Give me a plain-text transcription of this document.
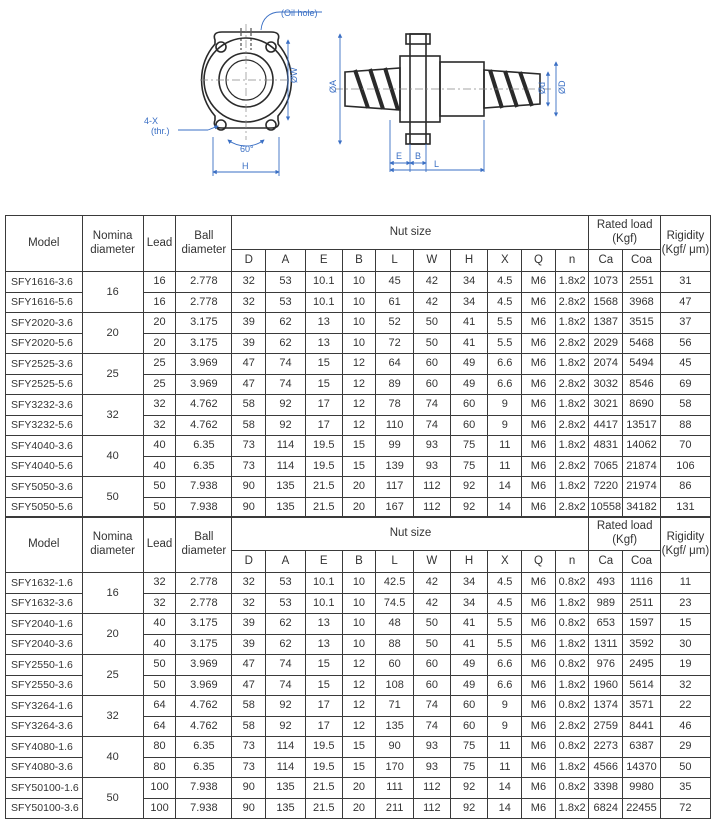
(Oil hole)
4-X
(thr.)
60°
H
ØW
ØA	Ød ØD
E B
L
Model	Nomina diameter	Lead	Ball diameter	Nut size										Rated load (Kgf)		Rigidity (Kgf/ μm)
				D	A	E	B	L	W	H	X	Q	n	Ca	Coa	
SFY1616-3.6	16	16	2.778	32	53	10.1	10	45	42	34	4.5	M6	1.8x2	1073	2551	31
SFY1616-5.6		16	2.778	32	53	10.1	10	61	42	34	4.5	M6	2.8x2	1568	3968	47
SFY2020-3.6	20	20	3.175	39	62	13	10	52	50	41	5.5	M6	1.8x2	1387	3515	37
SFY2020-5.6		20	3.175	39	62	13	10	72	50	41	5.5	M6	2.8x2	2029	5468	56
SFY2525-3.6	25	25	3.969	47	74	15	12	64	60	49	6.6	M6	1.8x2	2074	5494	45
SFY2525-5.6		25	3.969	47	74	15	12	89	60	49	6.6	M6	2.8x2	3032	8546	69
SFY3232-3.6	32	32	4.762	58	92	17	12	78	74	60	9	M6	1.8x2	3021	8690	58
SFY3232-5.6		32	4.762	58	92	17	12	110	74	60	9	M6	2.8x2	4417	13517	88
SFY4040-3.6	40	40	6.35	73	114	19.5	15	99	93	75	11	M6	1.8x2	4831	14062	70
SFY4040-5.6		40	6.35	73	114	19.5	15	139	93	75	11	M6	2.8x2	7065	21874	106
SFY5050-3.6	50	50	7.938	90	135	21.5	20	117	112	92	14	M6	1.8x2	7220	21974	86
SFY5050-5.6		50	7.938	90	135	21.5	20	167	112	92	14	M6	2.8x2	10558	34182	131
Model	Nomina diameter	Lead	Ball diameter	Nut size										Rated load (Kgf)		Rigidity (Kgf/ μm)
				D	A	E	B	L	W	H	X	Q	n	Ca	Coa	
SFY1632-1.6	16	32	2.778	32	53	10.1	10	42.5	42	34	4.5	M6	0.8x2	493	1116	11
SFY1632-3.6		32	2.778	32	53	10.1	10	74.5	42	34	4.5	M6	1.8x2	989	2511	23
SFY2040-1.6	20	40	3.175	39	62	13	10	48	50	41	5.5	M6	0.8x2	653	1597	15
SFY2040-3.6		40	3.175	39	62	13	10	88	50	41	5.5	M6	1.8x2	1311	3592	30
SFY2550-1.6	25	50	3.969	47	74	15	12	60	60	49	6.6	M6	0.8x2	976	2495	19
SFY2550-3.6		50	3.969	47	74	15	12	108	60	49	6.6	M6	1.8x2	1960	5614	32
SFY3264-1.6	32	64	4.762	58	92	17	12	71	74	60	9	M6	0.8x2	1374	3571	22
SFY3264-3.6		64	4.762	58	92	17	12	135	74	60	9	M6	2.8x2	2759	8441	46
SFY4080-1.6	40	80	6.35	73	114	19.5	15	90	93	75	11	M6	0.8x2	2273	6387	29
SFY4080-3.6		80	6.35	73	114	19.5	15	170	93	75	11	M6	1.8x2	4566	14370	50
SFY50100-1.6	50	100	7.938	90	135	21.5	20	111	112	92	14	M6	0.8x2	3398	9980	35
SFY50100-3.6		100	7.938	90	135	21.5	20	211	112	92	14	M6	1.8x2	6824	22455	72
